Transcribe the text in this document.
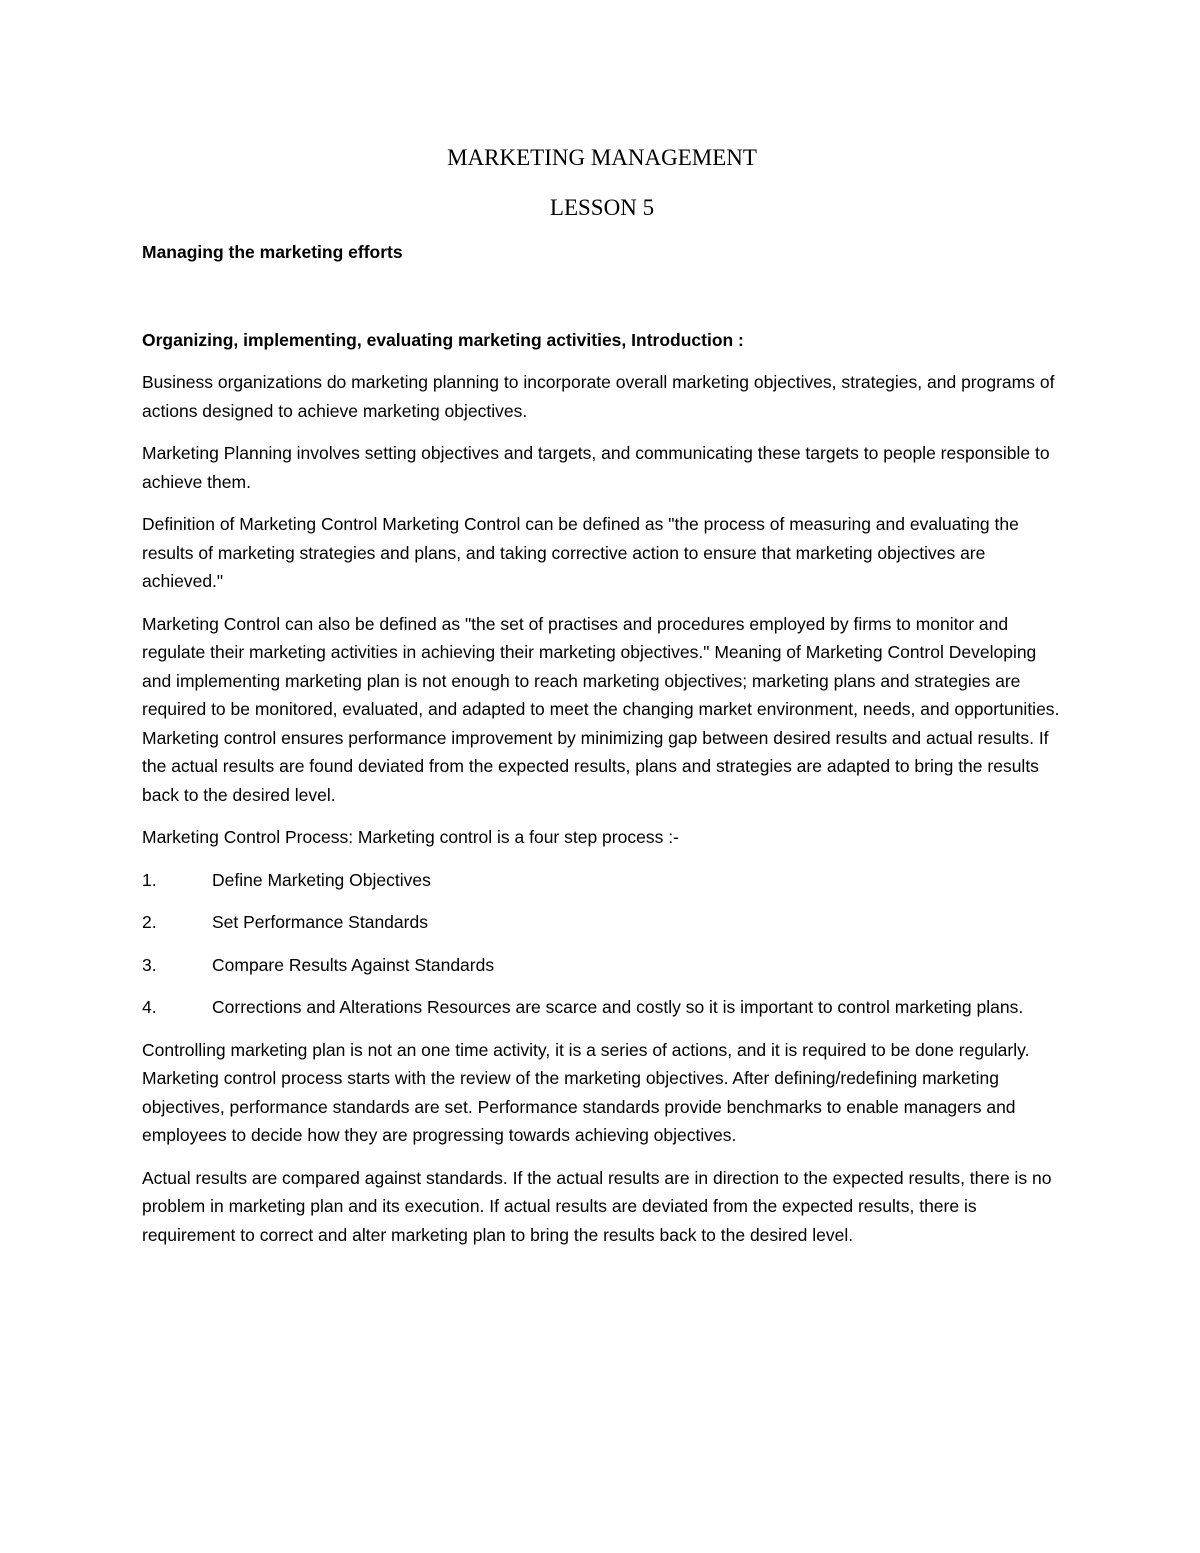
MARKETING MANAGEMENT
LESSON 5
Managing the marketing efforts
Organizing, implementing, evaluating marketing activities, Introduction :

Business organizations do marketing planning to incorporate overall marketing objectives, strategies, and programs of actions designed to achieve marketing objectives.

Marketing Planning involves setting objectives and targets, and communicating these targets to people responsible to achieve them.

Definition of Marketing Control Marketing Control can be defined as "the process of measuring and evaluating the results of marketing strategies and plans, and taking corrective action to ensure that marketing objectives are achieved."

Marketing Control can also be defined as "the set of practises and procedures employed by firms to monitor and regulate their marketing activities in achieving their marketing objectives." Meaning of Marketing Control Developing and implementing marketing plan is not enough to reach marketing objectives; marketing plans and strategies are required to be monitored, evaluated, and adapted to meet the changing market environment, needs, and opportunities. Marketing control ensures performance improvement by minimizing gap between desired results and actual results. If the actual results are found deviated from the expected results, plans and strategies are adapted to bring the results back to the desired level.

Marketing Control Process: Marketing control is a four step process :-

1.	Define Marketing Objectives
2.	Set Performance Standards
3.	Compare Results Against Standards
4.	Corrections and Alterations Resources are scarce and costly so it is important to control marketing plans.

Controlling marketing plan is not an one time activity, it is a series of actions, and it is required to be done regularly. Marketing control process starts with the review of the marketing objectives. After defining/redefining marketing objectives, performance standards are set. Performance standards provide benchmarks to enable managers and employees to decide how they are progressing towards achieving objectives.

Actual results are compared against standards. If the actual results are in direction to the expected results, there is no problem in marketing plan and its execution. If actual results are deviated from the expected results, there is requirement to correct and alter marketing plan to bring the results back to the desired level.
